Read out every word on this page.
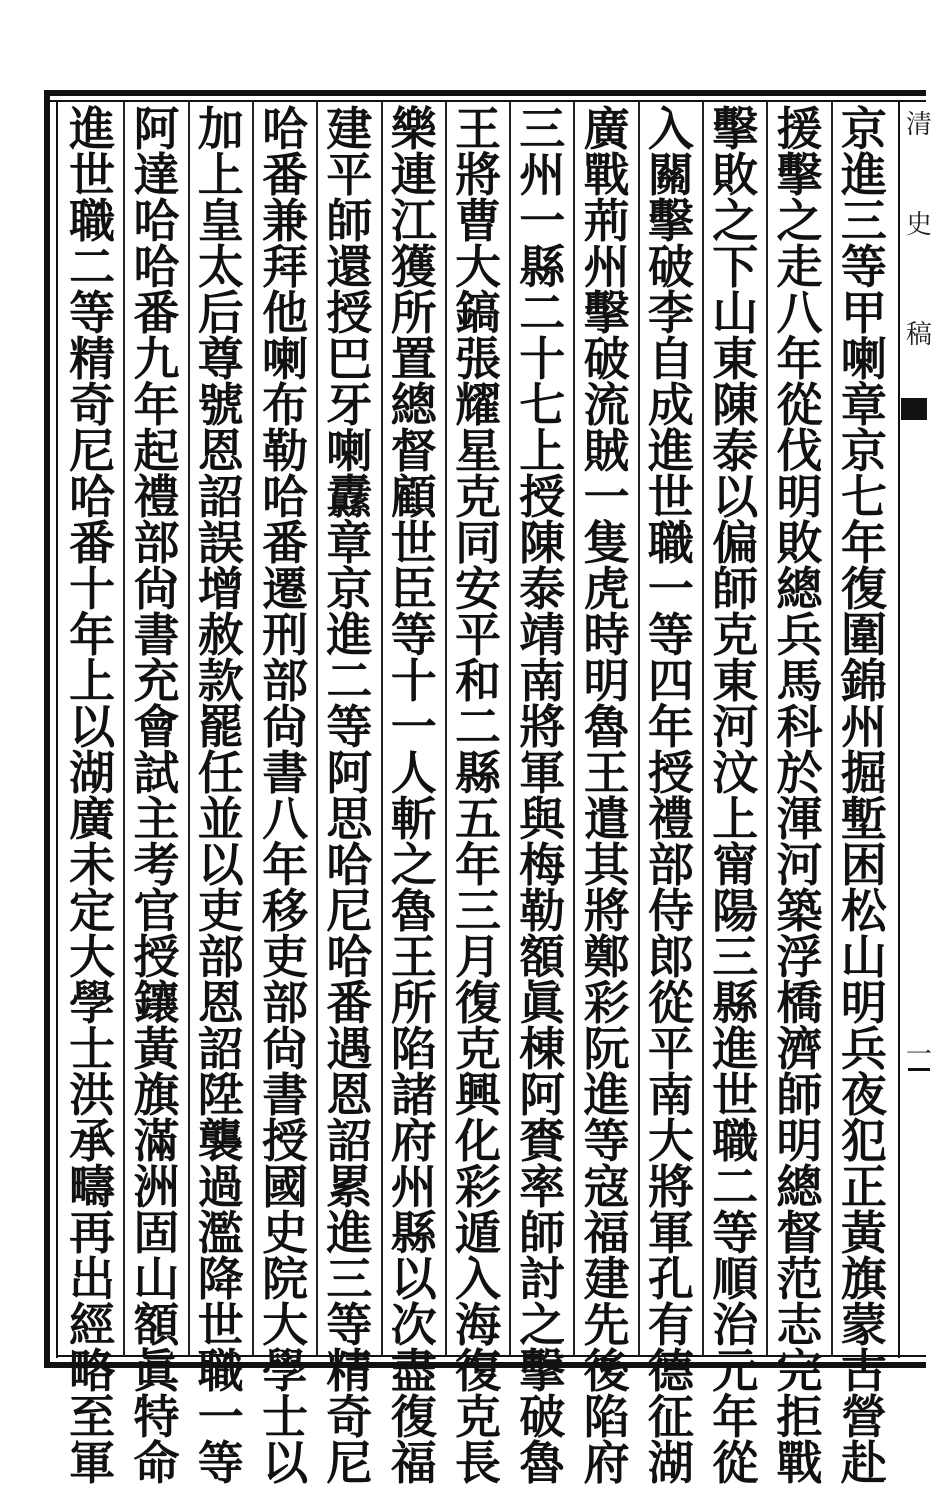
清
史
稿
一
京
進
三
等
甲
喇
章
京
七
年
復
圍
錦
州
掘
塹
困
松
山
明
兵
夜
犯
正
黃
旗
蒙
古
營
赴
援
擊
之
走
八
年
從
伐
明
敗
總
兵
馬
科
於
渾
河
築
浮
橋
濟
師
明
總
督
范
志
完
拒
戰
擊
敗
之
下
山
東
陳
泰
以
偏
師
克
東
河
汶
上
甯
陽
三
縣
進
世
職
二
等
順
治
元
年
從
入
關
擊
破
李
自
成
進
世
職
一
等
四
年
授
禮
部
侍
郎
從
平
南
大
將
軍
孔
有
德
征
湖
廣
戰
荊
州
擊
破
流
賊
一
隻
虎
時
明
魯
王
遣
其
將
鄭
彩
阮
進
等
寇
福
建
先
後
陷
府
三
州
一
縣
二
十
七
上
授
陳
泰
靖
南
將
軍
與
梅
勒
額
眞
棟
阿
賚
率
師
討
之
擊
破
魯
王
將
曹
大
鎬
張
耀
星
克
同
安
平
和
二
縣
五
年
三
月
復
克
興
化
彩
遁
入
海
復
克
長
樂
連
江
獲
所
置
總
督
顧
世
臣
等
十
一
人
斬
之
魯
王
所
陷
諸
府
州
縣
以
次
盡
復
福
建
平
師
還
授
巴
牙
喇
纛
章
京
進
二
等
阿
思
哈
尼
哈
番
遇
恩
詔
累
進
三
等
精
奇
尼
哈
番
兼
拜
他
喇
布
勒
哈
番
遷
刑
部
尙
書
八
年
移
吏
部
尙
書
授
國
史
院
大
學
士
以
加
上
皇
太
后
尊
號
恩
詔
誤
增
赦
款
罷
任
並
以
吏
部
恩
詔
陞
襲
過
濫
降
世
職
一
等
阿
達
哈
哈
番
九
年
起
禮
部
尙
書
充
會
試
主
考
官
授
鑲
黃
旗
滿
洲
固
山
額
眞
特
命
進
世
職
二
等
精
奇
尼
哈
番
十
年
上
以
湖
廣
未
定
大
學
士
洪
承
疇
再
出
經
略
至
軍
